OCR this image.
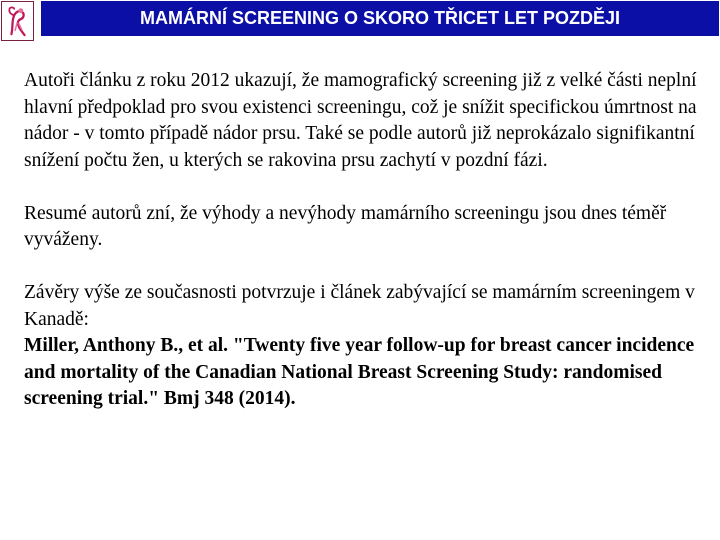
MAMÁRNÍ SCREENING O SKORO TŘICET LET POZDĚJI

Autoři článku z roku 2012 ukazují, že mamografický screening již z velké části neplní hlavní předpoklad pro svou existenci screeningu, což je snížit specifickou úmrtnost na nádor - v tomto případě nádor prsu. Také se podle autorů již neprokázalo signifikantní snížení počtu žen, u kterých se rakovina prsu zachytí v pozdní fázi.

Resumé autorů zní, že výhody a nevýhody mamárního screeningu jsou dnes téměř vyváženy.

Závěry výše ze současnosti potvrzuje i článek zabývající se mamárním screeningem v Kanadě:

Miller, Anthony B., et al. "Twenty five year follow-up for breast cancer incidence and mortality of the Canadian National Breast Screening Study: randomised screening trial." Bmj 348 (2014).
